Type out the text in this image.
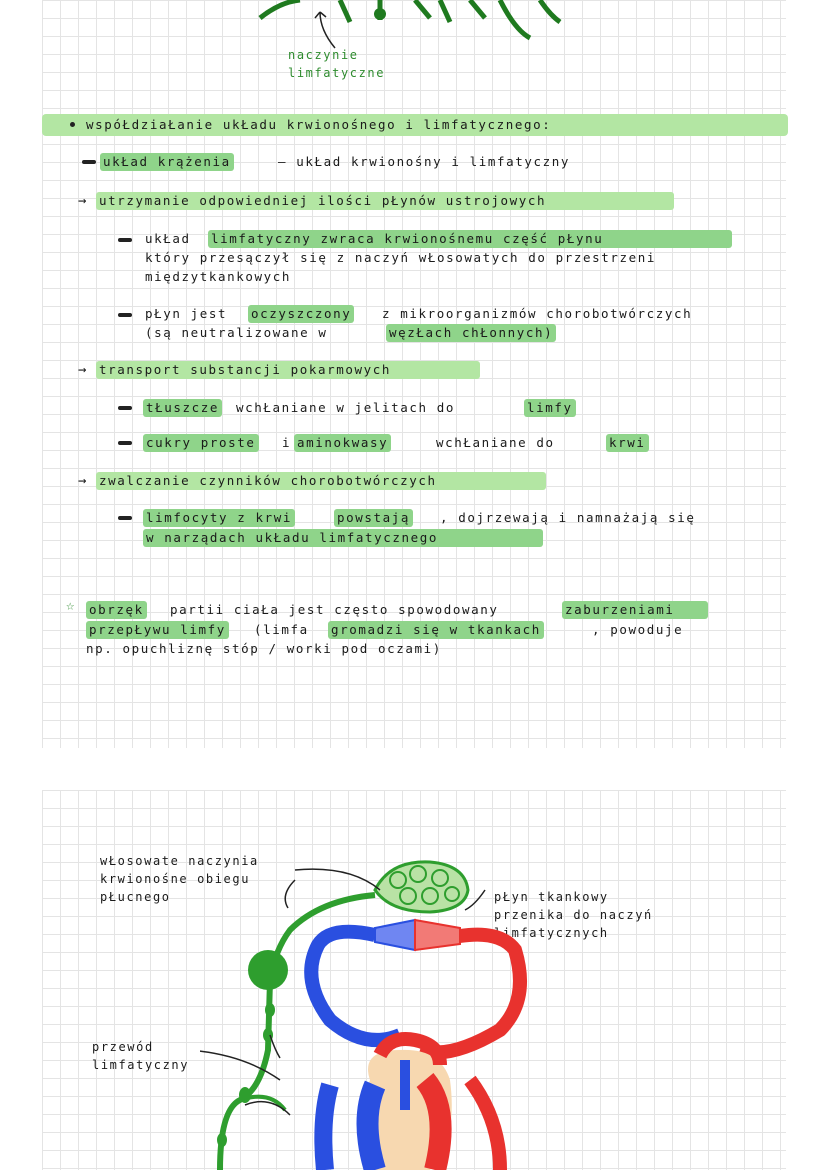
naczynie
limfatyczne
wspóŁdziaŁanie ukŁadu krwionośnego i limfatycznego:
ukŁad krążenia	– ukŁad krwionośny i limfatyczny
→ utrzymanie odpowiedniej ilości pŁynów ustrojowych
ukŁad limfatyczny zwraca krwionośnemu część pŁynu
który przesączył się z naczyń wŁosowatych do przestrzeni
międzytkankowych
pŁyn jest oczyszczony z mikroorganizmów chorobotwórczych
(są neutralizowane w	węzŁach chŁonnych)
→ transport substancji pokarmowych
tŁuszcze wchŁaniane w jelitach do	limfy
cukry proste i aminokwasy	wchŁaniane do	krwi
→ zwalczanie czynników chorobotwórczych
limfocyty z krwi	powstają , dojrzewają i namnażają się
w narządach ukŁadu limfatycznego
☆ obrzęk partii ciaŁa jest często spowodowany	zaburzeniami
przepŁywu limfy (limfa gromadzi się w tkankach	, powoduje
np. opuchliznę stóp / worki pod oczami)
wŁosowate naczynia
krwionośne obiegu
pŁucnego	pŁyn tkankowy
przenika do naczyń
limfatycznych
przewód
limfatyczny
